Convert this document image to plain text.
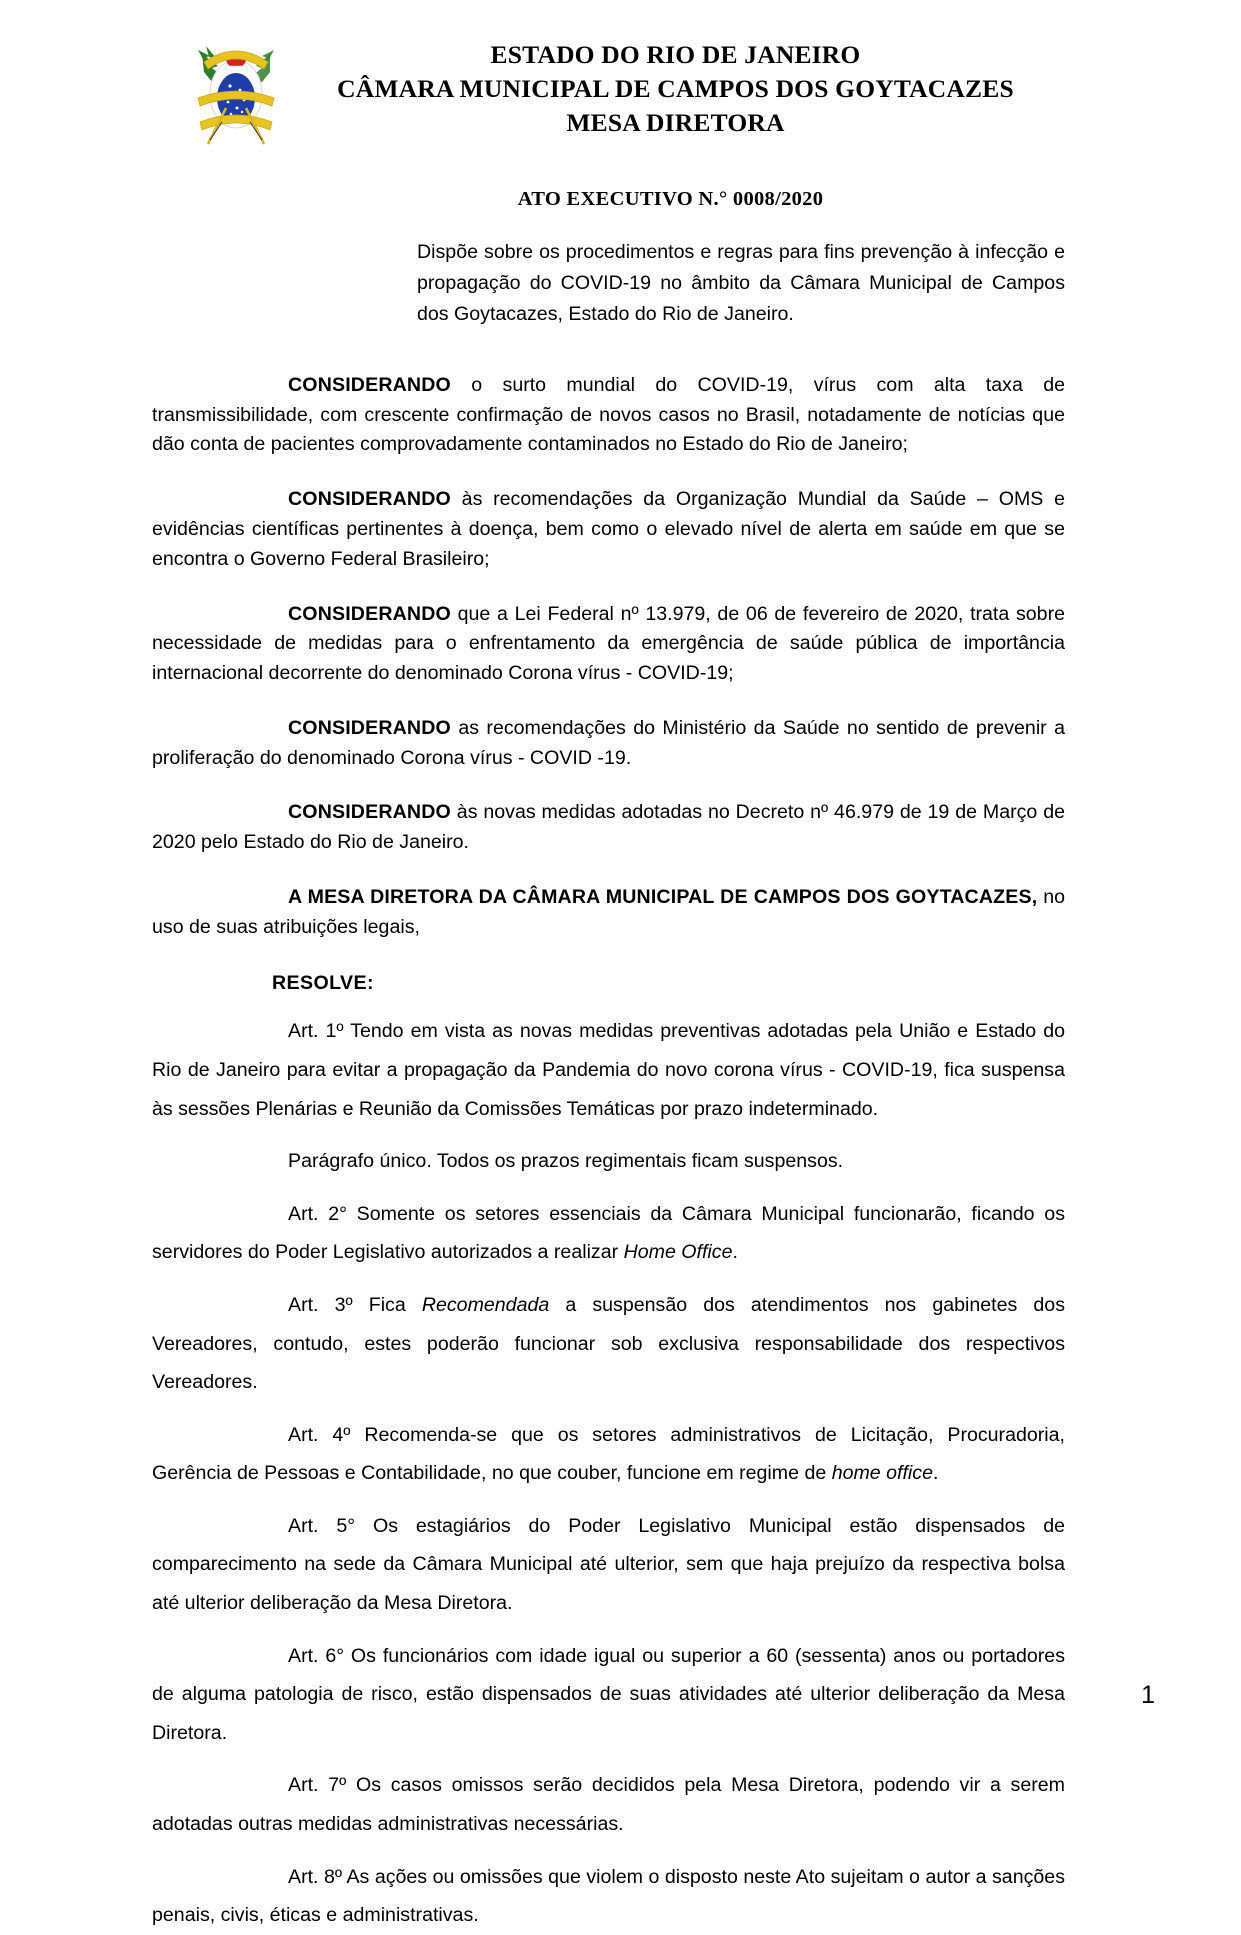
ESTADO DO RIO DE JANEIRO
CÂMARA MUNICIPAL DE CAMPOS DOS GOYTACAZES
MESA DIRETORA
ATO EXECUTIVO N.° 0008/2020
Dispõe sobre os procedimentos e regras para fins prevenção à infecção e propagação do COVID-19 no âmbito da Câmara Municipal de Campos dos Goytacazes, Estado do Rio de Janeiro.

CONSIDERANDO o surto mundial do COVID-19, vírus com alta taxa de transmissibilidade, com crescente confirmação de novos casos no Brasil, notadamente de notícias que dão conta de pacientes comprovadamente contaminados no Estado do Rio de Janeiro;

CONSIDERANDO às recomendações da Organização Mundial da Saúde – OMS e evidências científicas pertinentes à doença, bem como o elevado nível de alerta em saúde em que se encontra o Governo Federal Brasileiro;

CONSIDERANDO que a Lei Federal nº 13.979, de 06 de fevereiro de 2020, trata sobre necessidade de medidas para o enfrentamento da emergência de saúde pública de importância internacional decorrente do denominado Corona vírus - COVID-19;

CONSIDERANDO as recomendações do Ministério da Saúde no sentido de prevenir a proliferação do denominado Corona vírus - COVID -19.

CONSIDERANDO às novas medidas adotadas no Decreto nº 46.979 de 19 de Março de 2020 pelo Estado do Rio de Janeiro.

A MESA DIRETORA DA CÂMARA MUNICIPAL DE CAMPOS DOS GOYTACAZES, no uso de suas atribuições legais,

RESOLVE:

Art. 1º Tendo em vista as novas medidas preventivas adotadas pela União e Estado do Rio de Janeiro para evitar a propagação da Pandemia do novo corona vírus - COVID-19, fica suspensa às sessões Plenárias e Reunião da Comissões Temáticas por prazo indeterminado.

Parágrafo único. Todos os prazos regimentais ficam suspensos.

Art. 2° Somente os setores essenciais da Câmara Municipal funcionarão, ficando os servidores do Poder Legislativo autorizados a realizar Home Office.

Art. 3º Fica Recomendada a suspensão dos atendimentos nos gabinetes dos Vereadores, contudo, estes poderão funcionar sob exclusiva responsabilidade dos respectivos Vereadores.

Art. 4º Recomenda-se que os setores administrativos de Licitação, Procuradoria, Gerência de Pessoas e Contabilidade, no que couber, funcione em regime de home office.

Art. 5° Os estagiários do Poder Legislativo Municipal estão dispensados de comparecimento na sede da Câmara Municipal até ulterior, sem que haja prejuízo da respectiva bolsa até ulterior deliberação da Mesa Diretora.

Art. 6° Os funcionários com idade igual ou superior a 60 (sessenta) anos ou portadores de alguma patologia de risco, estão dispensados de suas atividades até ulterior deliberação da Mesa Diretora.

Art. 7º Os casos omissos serão decididos pela Mesa Diretora, podendo vir a serem adotadas outras medidas administrativas necessárias.

Art. 8º As ações ou omissões que violem o disposto neste Ato sujeitam o autor a sanções penais, civis, éticas e administrativas.

1
